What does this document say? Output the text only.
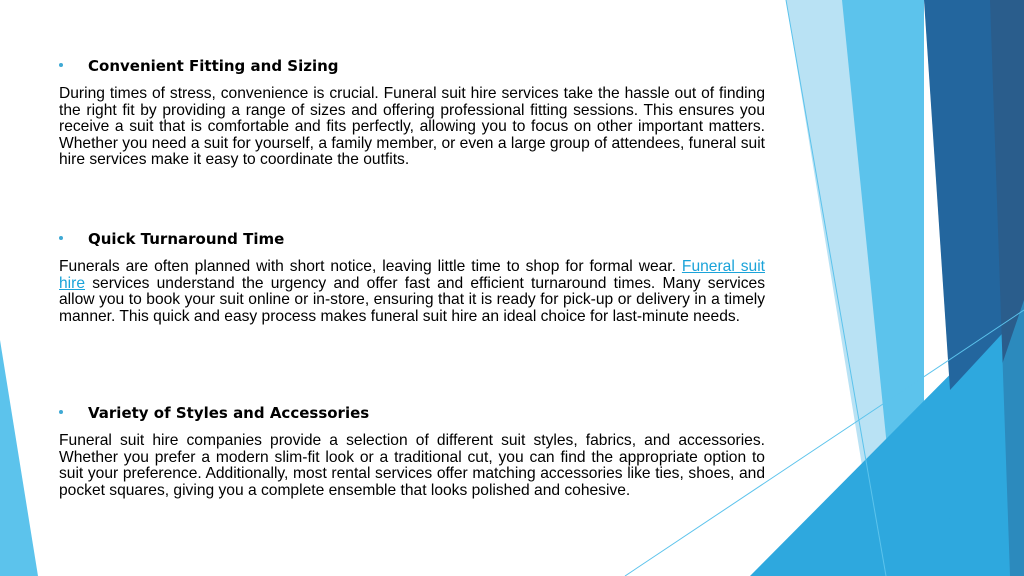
Convenient Fitting and Sizing

During times of stress, convenience is crucial. Funeral suit hire services take the hassle out of finding the right fit by providing a range of sizes and offering professional fitting sessions. This ensures you receive a suit that is comfortable and fits perfectly, allowing you to focus on other important matters. Whether you need a suit for yourself, a family member, or even a large group of attendees, funeral suit hire services make it easy to coordinate the outfits.

Quick Turnaround Time

Funerals are often planned with short notice, leaving little time to shop for formal wear. Funeral suit hire services understand the urgency and offer fast and efficient turnaround times. Many services allow you to book your suit online or in-store, ensuring that it is ready for pick-up or delivery in a timely manner. This quick and easy process makes funeral suit hire an ideal choice for last-minute needs.

Variety of Styles and Accessories

Funeral suit hire companies provide a selection of different suit styles, fabrics, and accessories. Whether you prefer a modern slim-fit look or a traditional cut, you can find the appropriate option to suit your preference. Additionally, most rental services offer matching accessories like ties, shoes, and pocket squares, giving you a complete ensemble that looks polished and cohesive.
